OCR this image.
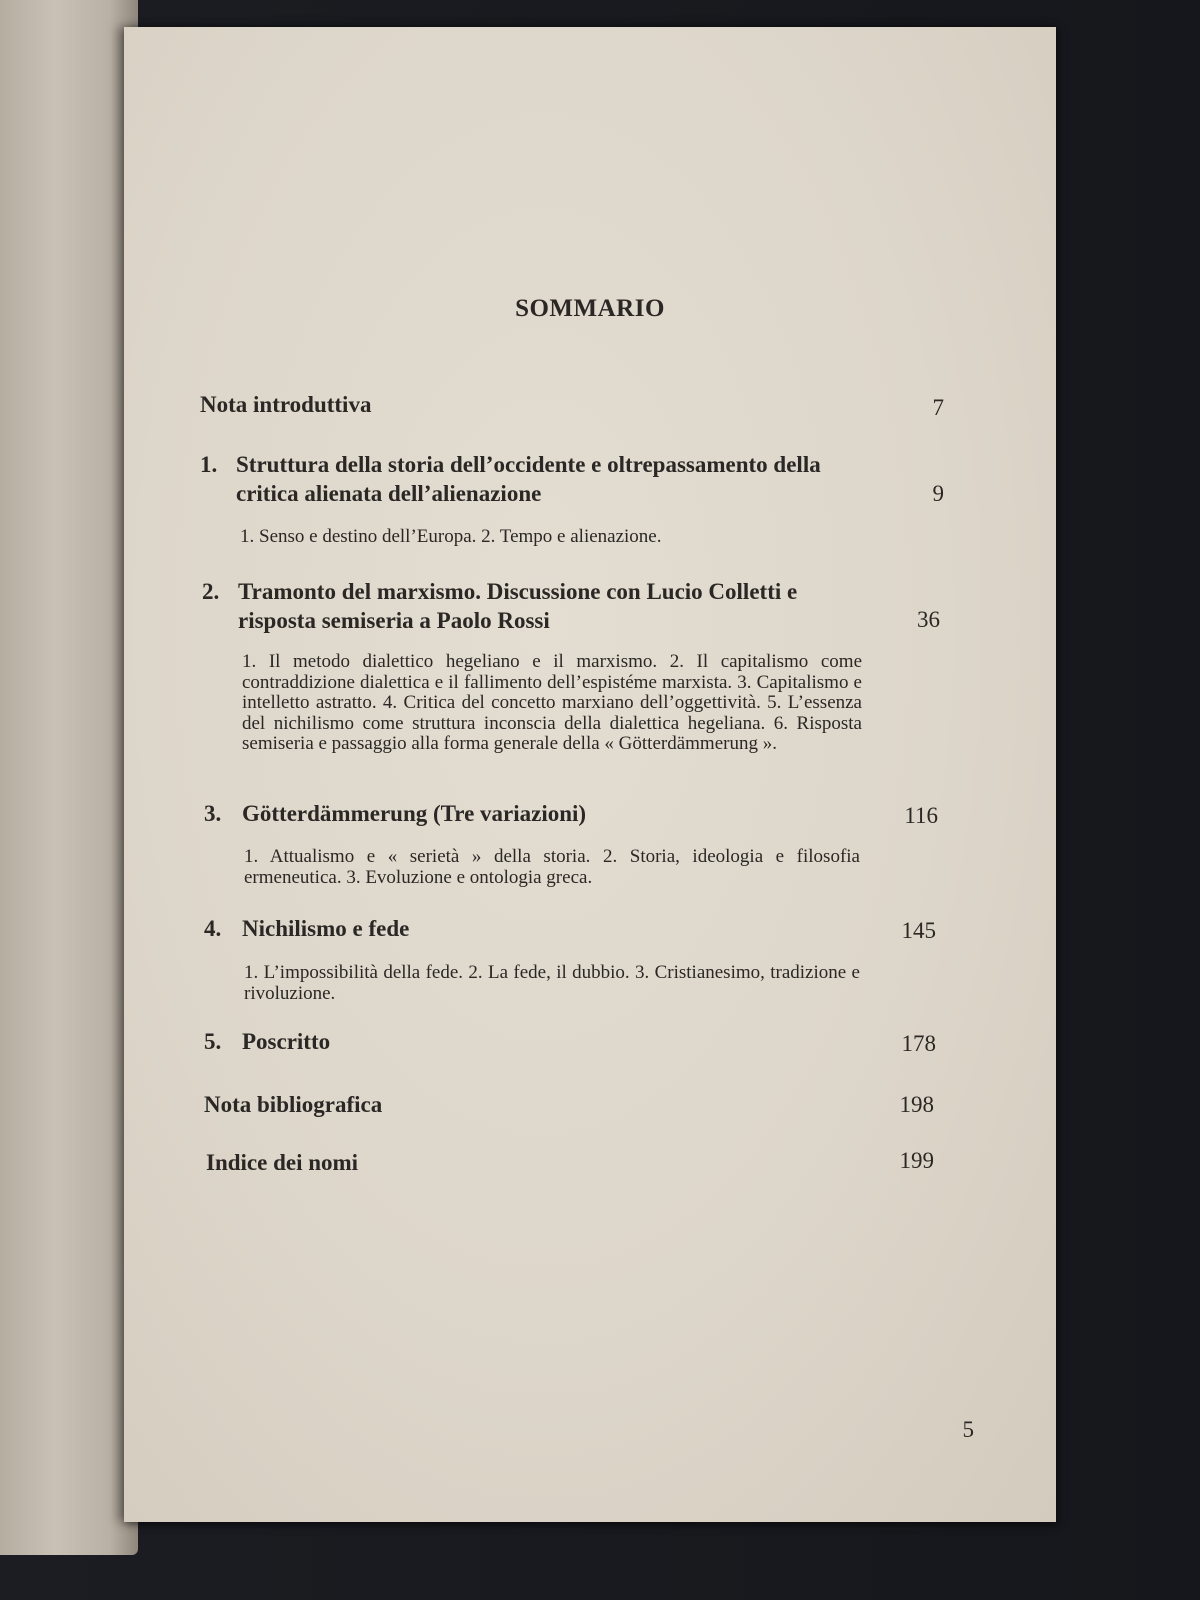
SOMMARIO
Nota introduttiva	7
1. Struttura della storia dell’occidente e oltrepassamento della critica alienata dell’alienazione	9
1. Senso e destino dell’Europa. 2. Tempo e alienazione.
2. Tramonto del marxismo. Discussione con Lucio Colletti e risposta semiseria a Paolo Rossi	36
1. Il metodo dialettico hegeliano e il marxismo. 2. Il capitalismo come contraddizione dialettica e il fallimento dell’espistéme marxista. 3. Capitalismo e intelletto astratto. 4. Critica del concetto marxiano dell’oggettività. 5. L’essenza del nichilismo come struttura inconscia della dialettica hegeliana. 6. Risposta semiseria e passaggio alla forma generale della « Götterdämmerung ».
3. Götterdämmerung (Tre variazioni)	116
1. Attualismo e « serietà » della storia. 2. Storia, ideologia e filosofia ermeneutica. 3. Evoluzione e ontologia greca.
4. Nichilismo e fede	145
1. L’impossibilità della fede. 2. La fede, il dubbio. 3. Cristianesimo, tradizione e rivoluzione.
5. Poscritto	178
Nota bibliografica	198
Indice dei nomi	199
5
